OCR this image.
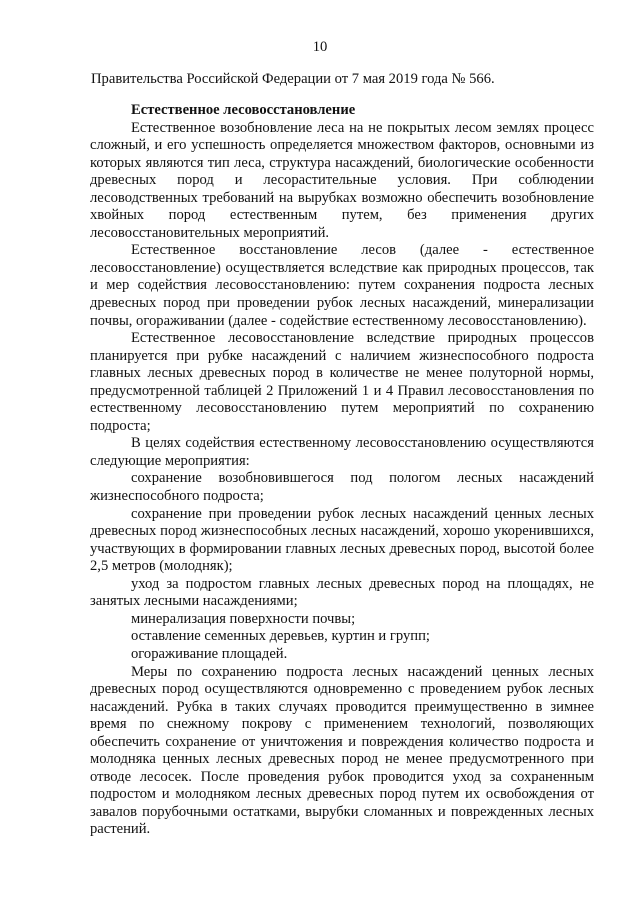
10
Правительства Российской Федерации от 7 мая 2019 года № 566.

Естественное лесовосстановление

Естественное возобновление леса на не покрытых лесом землях процесс сложный, и его успешность определяется множеством факторов, основными из которых являются тип леса, структура насаждений, биологические особенности древесных пород и лесорастительные условия. При соблюдении лесоводственных требований на вырубках возможно обеспечить возобновление хвойных пород естественным путем, без применения других лесовосстановительных мероприятий.

Естественное восстановление лесов (далее - естественное лесовосстановление) осуществляется вследствие как природных процессов, так и мер содействия лесовосстановлению: путем сохранения подроста лесных древесных пород при проведении рубок лесных насаждений, минерализации почвы, огораживании (далее - содействие естественному лесовосстановлению).

Естественное лесовосстановление вследствие природных процессов планируется при рубке насаждений с наличием жизнеспособного подроста главных лесных древесных пород в количестве не менее полуторной нормы, предусмотренной таблицей 2 Приложений 1 и 4 Правил лесовосстановления по естественному лесовосстановлению путем мероприятий по сохранению подроста;

В целях содействия естественному лесовосстановлению осуществляются следующие мероприятия:

сохранение возобновившегося под пологом лесных насаждений жизнеспособного подроста;

сохранение при проведении рубок лесных насаждений ценных лесных древесных пород жизнеспособных лесных насаждений, хорошо укоренившихся, участвующих в формировании главных лесных древесных пород, высотой более 2,5 метров (молодняк);

уход за подростом главных лесных древесных пород на площадях, не занятых лесными насаждениями;

минерализация поверхности почвы;

оставление семенных деревьев, куртин и групп;

огораживание площадей.

Меры по сохранению подроста лесных насаждений ценных лесных древесных пород осуществляются одновременно с проведением рубок лесных насаждений. Рубка в таких случаях проводится преимущественно в зимнее время по снежному покрову с применением технологий, позволяющих обеспечить сохранение от уничтожения и повреждения количество подроста и молодняка ценных лесных древесных пород не менее предусмотренного при отводе лесосек. После проведения рубок проводится уход за сохраненным подростом и молодняком лесных древесных пород путем их освобождения от завалов порубочными остатками, вырубки сломанных и поврежденных лесных растений.
